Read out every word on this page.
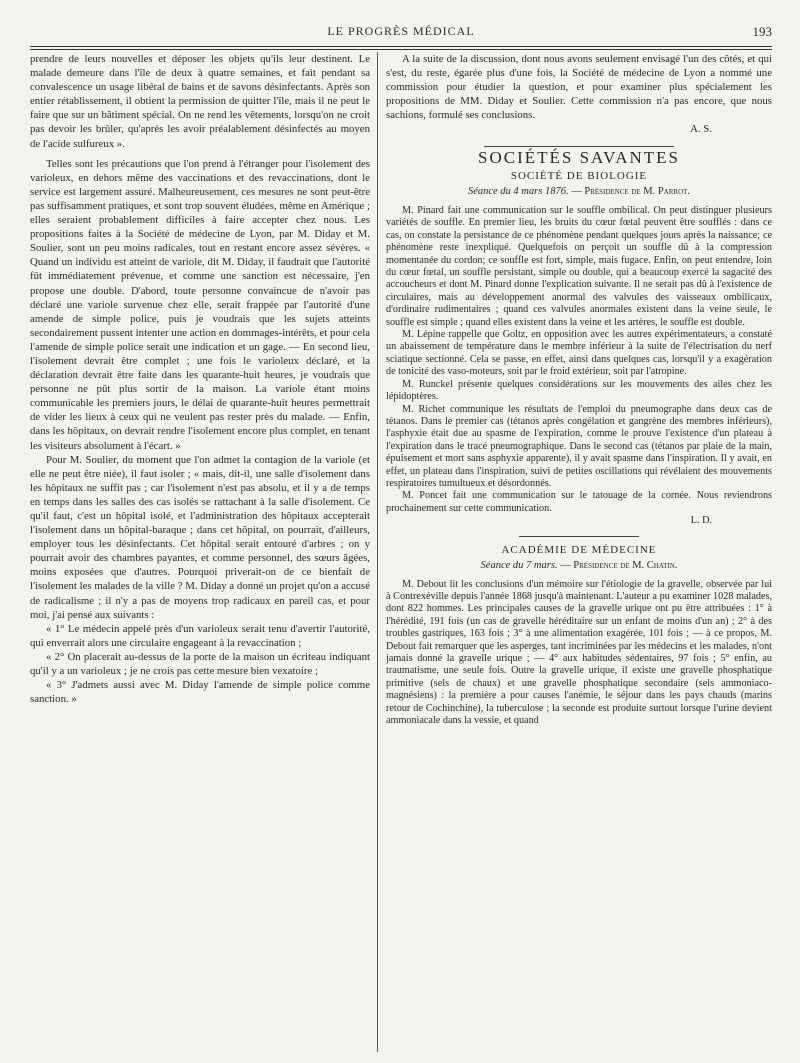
LE PROGRÈS MÉDICAL	193

prendre de leurs nouvelles et déposer les objets qu'ils leur destinent. Le malade demeure dans l'île de deux à quatre semaines, et fait pendant sa convalescence un usage libéral de bains et de savons désinfectants. Après son entier rétablissement, il obtient la permission de quitter l'île, mais il ne peut le faire que sur un bâtiment spécial. On ne rend les vêtements, lorsqu'on ne croit pas devoir les brûler, qu'après les avoir préalablement désinfectés au moyen de l'acide sulfureux ».

Telles sont les précautions que l'on prend à l'étranger pour l'isolement des varioleux, en dehors même des vaccinations et des revaccinations, dont le service est largement assuré. Malheureusement, ces mesures ne sont peut-être pas suffisamment pratiques, et sont trop souvent éludées, même en Amérique ; elles seraient probablement difficiles à faire accepter chez nous. Les propositions faites à la Société de médecine de Lyon, par M. Diday et M. Soulier, sont un peu moins radicales, tout en restant encore assez sévères. « Quand un individu est atteint de variole, dit M. Diday, il faudrait que l'autorité fût immédiatement prévenue, et comme une sanction est nécessaire, j'en propose une double. D'abord, toute personne convaincue de n'avoir pas déclaré une variole survenue chez elle, serait frappée par l'autorité d'une amende de simple police, puis je voudrais que les sujets atteints secondairement pussent intenter une action en dommages-intérêts, et pour cela l'amende de simple police serait une indication et un gage. — En second lieu, l'isolement devrait être complet ; une fois le varioleux déclaré, et la déclaration devrait être faite dans les quarante-huit heures, je voudrais que personne ne pût plus sortir de la maison. La variole étant moins communicable les premiers jours, le délai de quarante-huit heures permettrait de vider les lieux à ceux qui ne veulent pas rester près du malade. — Enfin, dans les hôpitaux, on devrait rendre l'isolement encore plus complet, en tenant les visiteurs absolument à l'écart. »

Pour M. Soulier, du moment que l'on admet la contagion de la variole (et elle ne peut être niée), il faut isoler ; « mais, dit-il, une salle d'isolement dans les hôpitaux ne suffit pas ; car l'isolement n'est pas absolu, et il y a de temps en temps dans les salles des cas isolés se rattachant à la salle d'isolement. Ce qu'il faut, c'est un hôpital isolé, et l'administration des hôpitaux accepterait l'isolement dans un hôpital-baraque ; dans cet hôpital, on pourrait, d'ailleurs, employer tous les désinfectants. Cet hôpital serait entouré d'arbres ; on y pourrait avoir des chambres payantes, et comme personnel, des sœurs âgées, moins exposées que d'autres. Pourquoi priverait-on de ce bienfait de l'isolement les malades de la ville ? M. Diday a donné un projet qu'on a accusé de radicalisme ; il n'y a pas de moyens trop radicaux en pareil cas, et pour moi, j'ai pensé aux suivants :

« 1° Le médecin appelé près d'un varioleux serait tenu d'avertir l'autorité, qui enverrait alors une circulaire engageant à la revaccination ;

« 2° On placerait au-dessus de la porte de la maison un écriteau indiquant qu'il y a un varioleux ; je ne crois pas cette mesure bien vexatoire ;

« 3° J'admets aussi avec M. Diday l'amende de simple police comme sanction. »

A la suite de la discussion, dont nous avons seulement envisagé l'un des côtés, et qui s'est, du reste, égarée plus d'une fois, la Société de médecine de Lyon a nommé une commission pour étudier la question, et pour examiner plus spécialement les propositions de MM. Diday et Soulier. Cette commission n'a pas encore, que nous sachions, formulé ses conclusions.

A. S.
SOCIÉTÉS SAVANTES
SOCIÉTÉ DE BIOLOGIE
Séance du 4 mars 1876. — Présidence de M. Parrot.

M. Pinard fait une communication sur le souffle ombilical. On peut distinguer plusieurs variétés de souffle. En premier lieu, les bruits du cœur fœtal peuvent être soufflés : dans ce cas, on constate la persistance de ce phénomène pendant quelques jours après la naissance; ce phénomène reste inexpliqué. Quelquefois on perçoit un souffle dû à la compression momentanée du cordon; ce souffle est fort, simple, mais fugace. Enfin, on peut entendre, loin du cœur fœtal, un souffle persistant, simple ou double, qui a beaucoup exercé la sagacité des accoucheurs et dont M. Pinard donne l'explication suivante. Il ne serait pas dû à l'existence de circulaires, mais au développement anormal des valvules des vaisseaux ombilicaux, d'ordinaire rudimentaires ; quand ces valvules anormales existent dans la veine seule, le souffle est simple ; quand elles existent dans la veine et les artères, le souffle est double.

M. Lépine rappelle que Goltz, en opposition avec les autres expérimentateurs, a constaté un abaissement de température dans le membre inférieur à la suite de l'électrisation du nerf sciatique sectionné. Cela se passe, en effet, ainsi dans quelques cas, lorsqu'il y a exagération de tonicité des vaso-moteurs, soit par le froid extérieur, soit par l'atropine.

M. Runckel présente quelques considérations sur les mouvements des ailes chez les lépidoptères.

M. Richet communique les résultats de l'emploi du pneumographe dans deux cas de tétanos. Dans le premier cas (tétanos après congélation et gangrène des membres inférieurs), l'asphyxie était due au spasme de l'expiration, comme le prouve l'existence d'un plateau à l'expiration dans le tracé pneumographique. Dans le second cas (tétanos par plaie de la main, épuisement et mort sans asphyxie apparente), il y avait spasme dans l'inspiration. Il y avait, en effet, un plateau dans l'inspiration, suivi de petites oscillations qui révélaient des mouvements respiratoires tumultueux et désordonnés.

M. Poncet fait une communication sur le tatouage de la cornée. Nous reviendrons prochainement sur cette communication.

L. D.
ACADÉMIE DE MÉDECINE
Séance du 7 mars. — Présidence de M. Chatin.

M. Debout lit les conclusions d'un mémoire sur l'étiologie de la gravelle, observée par lui à Contrexéville depuis l'année 1868 jusqu'à maintenant. L'auteur a pu examiner 1028 malades, dont 822 hommes. Les principales causes de la gravelle urique ont pu être attribuées : 1° à l'hérédité, 191 fois (un cas de gravelle héréditaire sur un enfant de moins d'un an) ; 2° à des troubles gastriques, 163 fois ; 3° à une alimentation exagérée, 101 fois ; — à ce propos, M. Debout fait remarquer que les asperges, tant incriminées par les médecins et les malades, n'ont jamais donné la gravelle urique ; — 4° aux habitudes sédentaires, 97 fois ; 5° enfin, au traumatisme, une seule fois. Outre la gravelle urique, il existe une gravelle phosphatique primitive (sels de chaux) et une gravelle phosphatique secondaire (sels ammoniaco-magnésiens) : la première a pour causes l'anémie, le séjour dans les pays chauds (marins retour de Cochinchine), la tuberculose ; la seconde est produite surtout lorsque l'urine devient ammoniacale dans la vessie, et quand
